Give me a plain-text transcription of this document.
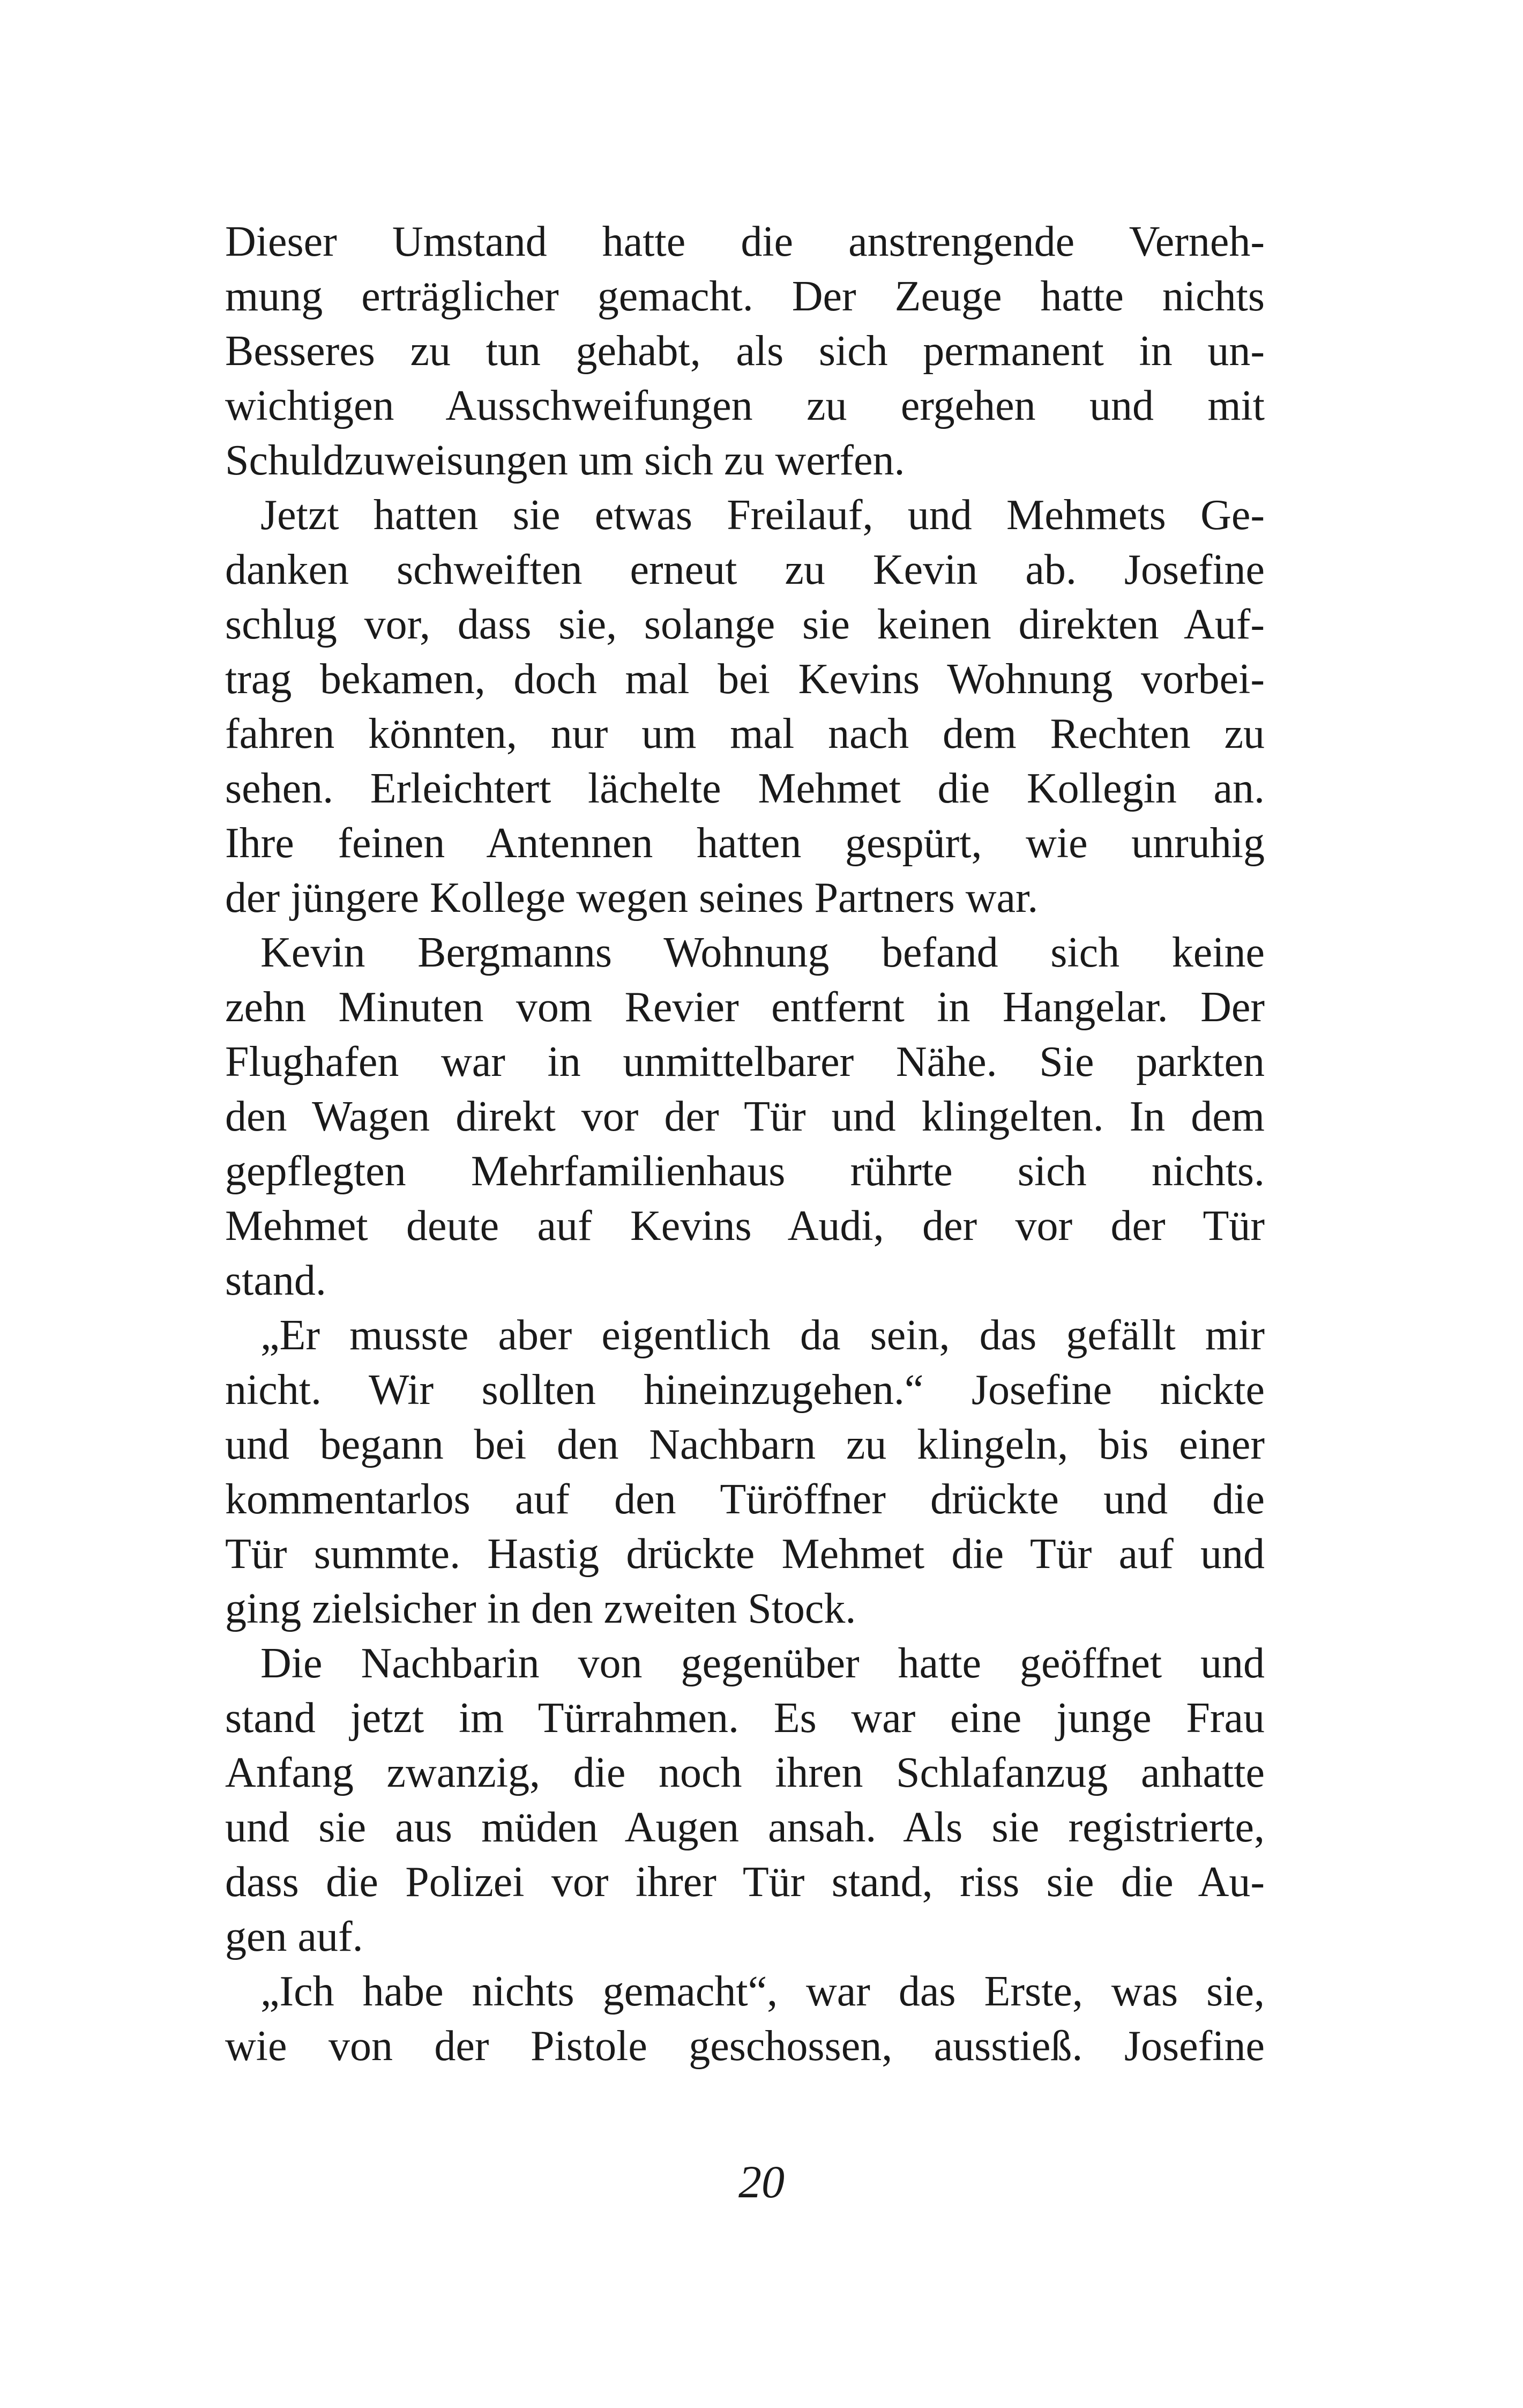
Dieser Umstand hatte die anstrengende Verneh-
mung erträglicher gemacht. Der Zeuge hatte nichts
Besseres zu tun gehabt, als sich permanent in un-
wichtigen Ausschweifungen zu ergehen und mit
Schuldzuweisungen um sich zu werfen.
Jetzt hatten sie etwas Freilauf, und Mehmets Ge-
danken schweiften erneut zu Kevin ab. Josefine
schlug vor, dass sie, solange sie keinen direkten Auf-
trag bekamen, doch mal bei Kevins Wohnung vorbei-
fahren könnten, nur um mal nach dem Rechten zu
sehen. Erleichtert lächelte Mehmet die Kollegin an.
Ihre feinen Antennen hatten gespürt, wie unruhig
der jüngere Kollege wegen seines Partners war.
Kevin Bergmanns Wohnung befand sich keine
zehn Minuten vom Revier entfernt in Hangelar. Der
Flughafen war in unmittelbarer Nähe. Sie parkten
den Wagen direkt vor der Tür und klingelten. In dem
gepflegten Mehrfamilienhaus rührte sich nichts.
Mehmet deute auf Kevins Audi, der vor der Tür
stand.
„Er musste aber eigentlich da sein, das gefällt mir
nicht. Wir sollten hineinzugehen.“ Josefine nickte
und begann bei den Nachbarn zu klingeln, bis einer
kommentarlos auf den Türöffner drückte und die
Tür summte. Hastig drückte Mehmet die Tür auf und
ging zielsicher in den zweiten Stock.
Die Nachbarin von gegenüber hatte geöffnet und
stand jetzt im Türrahmen. Es war eine junge Frau
Anfang zwanzig, die noch ihren Schlafanzug anhatte
und sie aus müden Augen ansah. Als sie registrierte,
dass die Polizei vor ihrer Tür stand, riss sie die Au-
gen auf.
„Ich habe nichts gemacht“, war das Erste, was sie,
wie von der Pistole geschossen, ausstieß. Josefine
20
